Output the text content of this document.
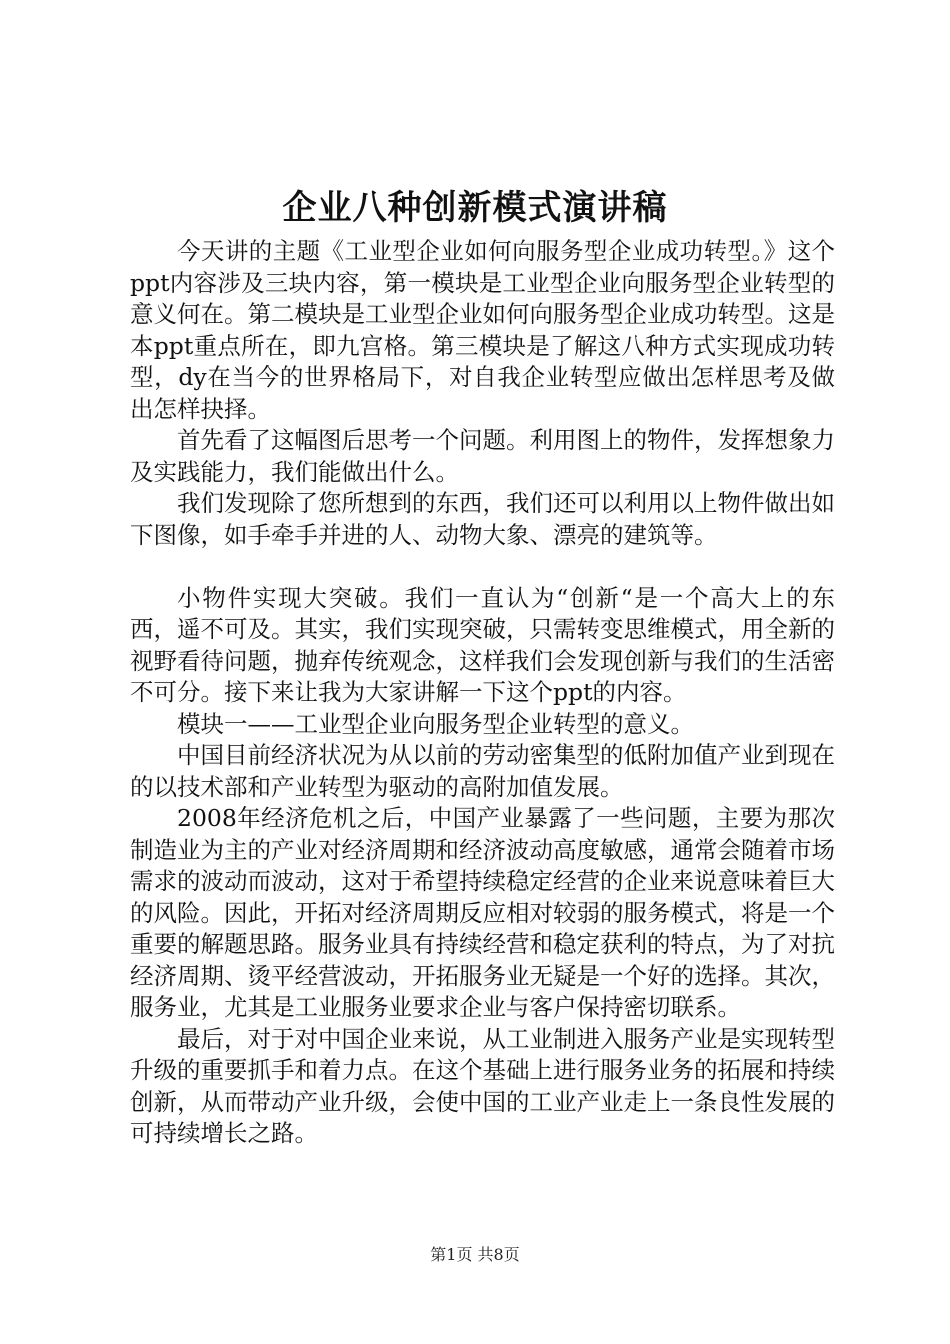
企业八种创新模式演讲稿

今天讲的主题《工业型企业如何向服务型企业成功转型。》这个ppt内容涉及三块内容，第一模块是工业型企业向服务型企业转型的意义何在。第二模块是工业型企业如何向服务型企业成功转型。这是本ppt重点所在，即九宫格。第三模块是了解这八种方式实现成功转型，dy在当今的世界格局下，对自我企业转型应做出怎样思考及做出怎样抉择。

首先看了这幅图后思考一个问题。利用图上的物件，发挥想象力及实践能力，我们能做出什么。

我们发现除了您所想到的东西，我们还可以利用以上物件做出如下图像，如手牵手并进的人、动物大象、漂亮的建筑等。

小物件实现大突破。我们一直认为“创新“是一个高大上的东西，遥不可及。其实，我们实现突破，只需转变思维模式，用全新的视野看待问题，抛弃传统观念，这样我们会发现创新与我们的生活密不可分。接下来让我为大家讲解一下这个ppt的内容。

模块一——工业型企业向服务型企业转型的意义。

中国目前经济状况为从以前的劳动密集型的低附加值产业到现在的以技术部和产业转型为驱动的高附加值发展。

2008年经济危机之后，中国产业暴露了一些问题，主要为那次制造业为主的产业对经济周期和经济波动高度敏感，通常会随着市场需求的波动而波动，这对于希望持续稳定经营的企业来说意味着巨大的风险。因此，开拓对经济周期反应相对较弱的服务模式，将是一个重要的解题思路。服务业具有持续经营和稳定获利的特点，为了对抗经济周期、烫平经营波动，开拓服务业无疑是一个好的选择。其次，服务业，尤其是工业服务业要求企业与客户保持密切联系。

最后，对于对中国企业来说，从工业制进入服务产业是实现转型升级的重要抓手和着力点。在这个基础上进行服务业务的拓展和持续创新，从而带动产业升级，会使中国的工业产业走上一条良性发展的可持续增长之路。

第1页 共8页
